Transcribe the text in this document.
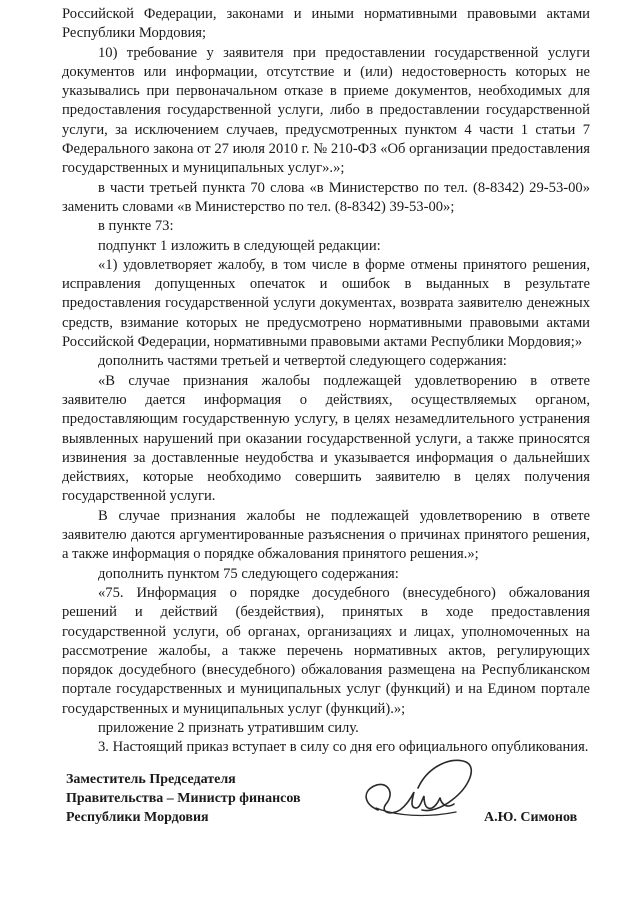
Российской Федерации, законами и иными нормативными правовыми актами Республики Мордовия;

10) требование у заявителя при предоставлении государственной услуги документов или информации, отсутствие и (или) недостоверность которых не указывались при первоначальном отказе в приеме документов, необходимых для предоставления государственной услуги, либо в предоставлении государственной услуги, за исключением случаев, предусмотренных пунктом 4 части 1 статьи 7 Федерального закона от 27 июля 2010 г. № 210-ФЗ «Об организации предоставления государственных и муниципальных услуг».»;

в части третьей пункта 70 слова «в Министерство по тел. (8-8342) 29-53-00» заменить словами «в Министерство по тел. (8-8342) 39-53-00»;

в пункте 73:

подпункт 1 изложить в следующей редакции:

«1) удовлетворяет жалобу, в том числе в форме отмены принятого решения, исправления допущенных опечаток и ошибок в выданных в результате предоставления государственной услуги документах, возврата заявителю денежных средств, взимание которых не предусмотрено нормативными правовыми актами Российской Федерации, нормативными правовыми актами Республики Мордовия;»

дополнить частями третьей и четвертой следующего содержания:

«В случае признания жалобы подлежащей удовлетворению в ответе заявителю дается информация о действиях, осуществляемых органом, предоставляющим государственную услугу, в целях незамедлительного устранения выявленных нарушений при оказании государственной услуги, а также приносятся извинения за доставленные неудобства и указывается информация о дальнейших действиях, которые необходимо совершить заявителю в целях получения государственной услуги.

В случае признания жалобы не подлежащей удовлетворению в ответе заявителю даются аргументированные разъяснения о причинах принятого решения, а также информация о порядке обжалования принятого решения.»;

дополнить пунктом 75 следующего содержания:

«75. Информация о порядке досудебного (внесудебного) обжалования решений и действий (бездействия), принятых в ходе предоставления государственной услуги, об органах, организациях и лицах, уполномоченных на рассмотрение жалобы, а также перечень нормативных актов, регулирующих порядок досудебного (внесудебного) обжалования размещена на Республиканском портале государственных и муниципальных услуг (функций) и на Едином портале государственных и муниципальных услуг (функций).»;

приложение 2 признать утратившим силу.

3. Настоящий приказ вступает в силу со дня его официального опубликования.

Заместитель Председателя
Правительства – Министр финансов
Республики Мордовия	А.Ю. Симонов
